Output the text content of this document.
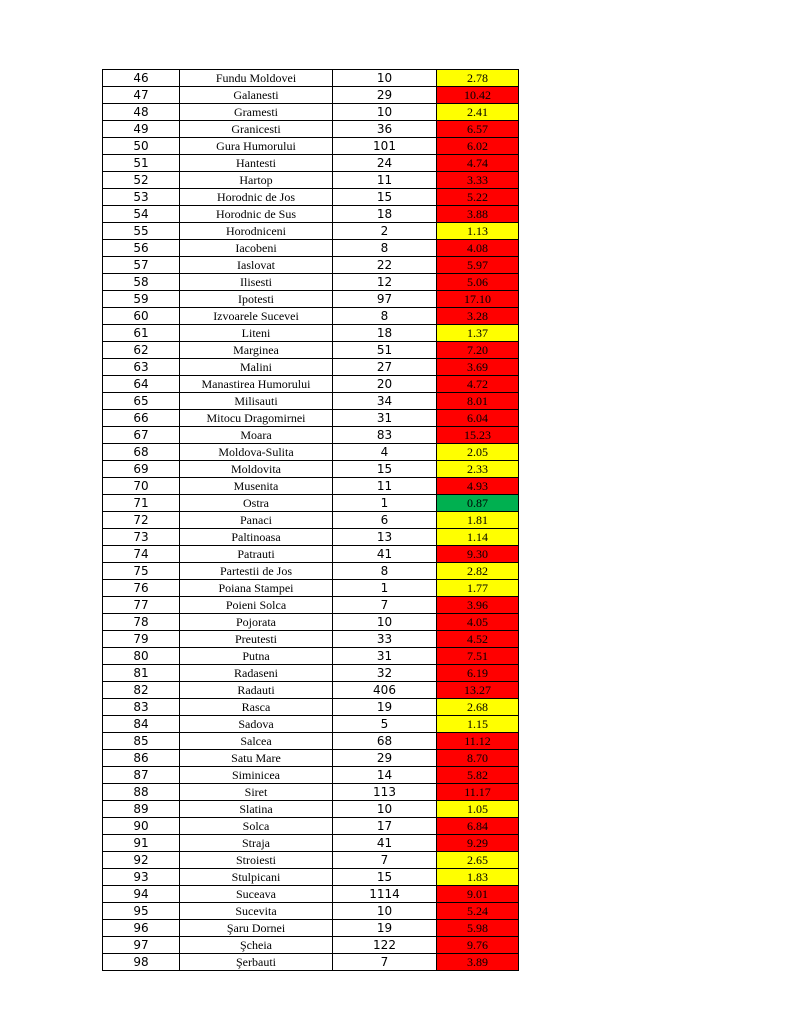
46	Fundu Moldovei	10	2.78
47	Galanesti	29	10.42
48	Gramesti	10	2.41
49	Granicesti	36	6.57
50	Gura Humorului	101	6.02
51	Hantesti	24	4.74
52	Hartop	11	3.33
53	Horodnic de Jos	15	5.22
54	Horodnic de Sus	18	3.88
55	Horodniceni	2	1.13
56	Iacobeni	8	4.08
57	Iaslovat	22	5.97
58	Ilisesti	12	5.06
59	Ipotesti	97	17.10
60	Izvoarele Sucevei	8	3.28
61	Liteni	18	1.37
62	Marginea	51	7.20
63	Malini	27	3.69
64	Manastirea Humorului	20	4.72
65	Milisauti	34	8.01
66	Mitocu Dragomirnei	31	6.04
67	Moara	83	15.23
68	Moldova-Sulita	4	2.05
69	Moldovita	15	2.33
70	Musenita	11	4.93
71	Ostra	1	0.87
72	Panaci	6	1.81
73	Paltinoasa	13	1.14
74	Patrauti	41	9.30
75	Partestii de Jos	8	2.82
76	Poiana Stampei	1	1.77
77	Poieni Solca	7	3.96
78	Pojorata	10	4.05
79	Preutesti	33	4.52
80	Putna	31	7.51
81	Radaseni	32	6.19
82	Radauti	406	13.27
83	Rasca	19	2.68
84	Sadova	5	1.15
85	Salcea	68	11.12
86	Satu Mare	29	8.70
87	Siminicea	14	5.82
88	Siret	113	11.17
89	Slatina	10	1.05
90	Solca	17	6.84
91	Straja	41	9.29
92	Stroiesti	7	2.65
93	Stulpicani	15	1.83
94	Suceava	1114	9.01
95	Sucevita	10	5.24
96	Şaru Dornei	19	5.98
97	Şcheia	122	9.76
98	Şerbauti	7	3.89
